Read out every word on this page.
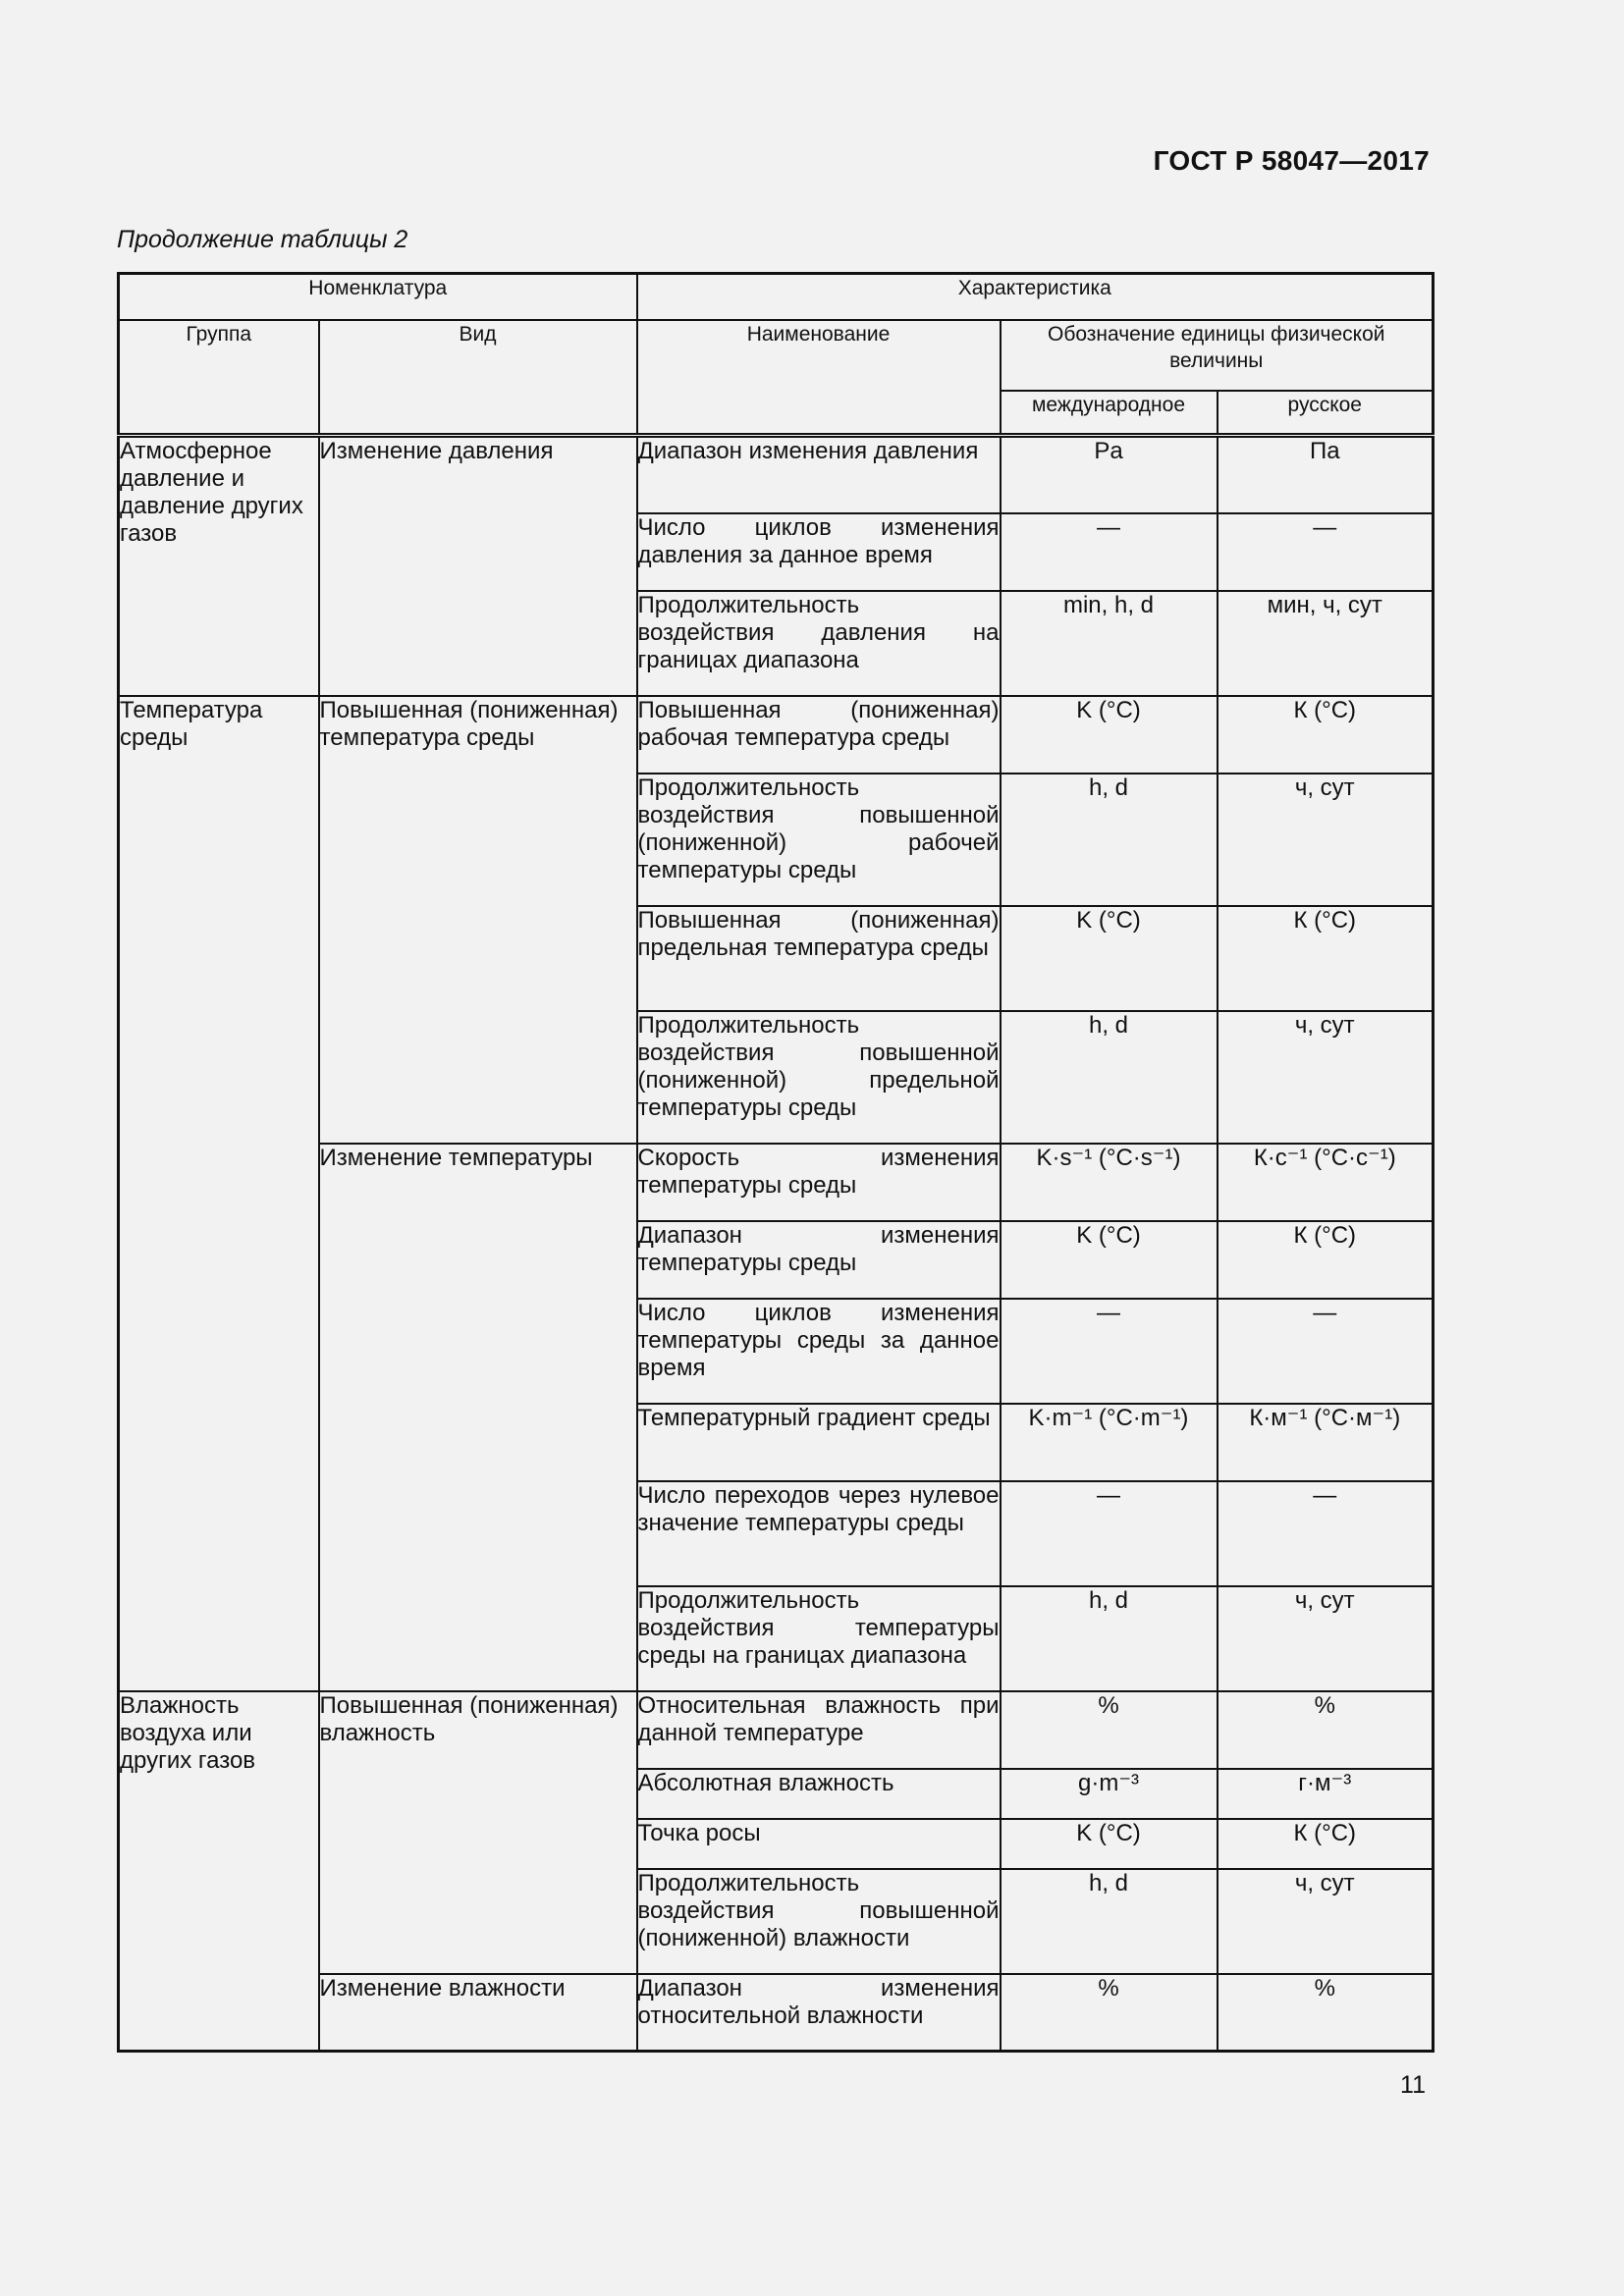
ГОСТ Р 58047—2017
Продолжение таблицы 2
Номенклатура		Характеристика		
Группа	Вид	Наименование	Обозначение единицы физической величины	
			международное	русское
Атмосферное давление и давление других газов	Изменение давления	Диапазон изменения давления	Pa	Па
		Число циклов изменения давления за данное время	—	—
		Продолжительность воздействия давления на границах диапазона	min, h, d	мин, ч, сут
Температура среды	Повышенная (пониженная) температура среды	Повышенная (пониженная) рабочая температура среды	K (°C)	К (°С)
		Продолжительность воздействия повышенной (пониженной) рабочей температуры среды	h, d	ч, сут
		Повышенная (пониженная) предельная температура среды	K (°C)	К (°С)
		Продолжительность воздействия повышенной (пониженной) предельной температуры среды	h, d	ч, сут
	Изменение температуры	Скорость изменения температуры среды	K·s⁻¹ (°C·s⁻¹)	К·с⁻¹ (°С·с⁻¹)
		Диапазон изменения температуры среды	K (°C)	К (°С)
		Число циклов изменения температуры среды за данное время	—	—
		Температурный градиент среды	K·m⁻¹ (°C·m⁻¹)	К·м⁻¹ (°С·м⁻¹)
		Число переходов через нулевое значение температуры среды	—	—
		Продолжительность воздействия температуры среды на границах диапазона	h, d	ч, сут
Влажность воздуха или других газов	Повышенная (пониженная) влажность	Относительная влажность при данной температуре	%	%
		Абсолютная влажность	g·m⁻³	г·м⁻³
		Точка росы	K (°C)	К (°С)
		Продолжительность воздействия повышенной (пониженной) влажности	h, d	ч, сут
	Изменение влажности	Диапазон изменения относительной влажности	%	%
11
